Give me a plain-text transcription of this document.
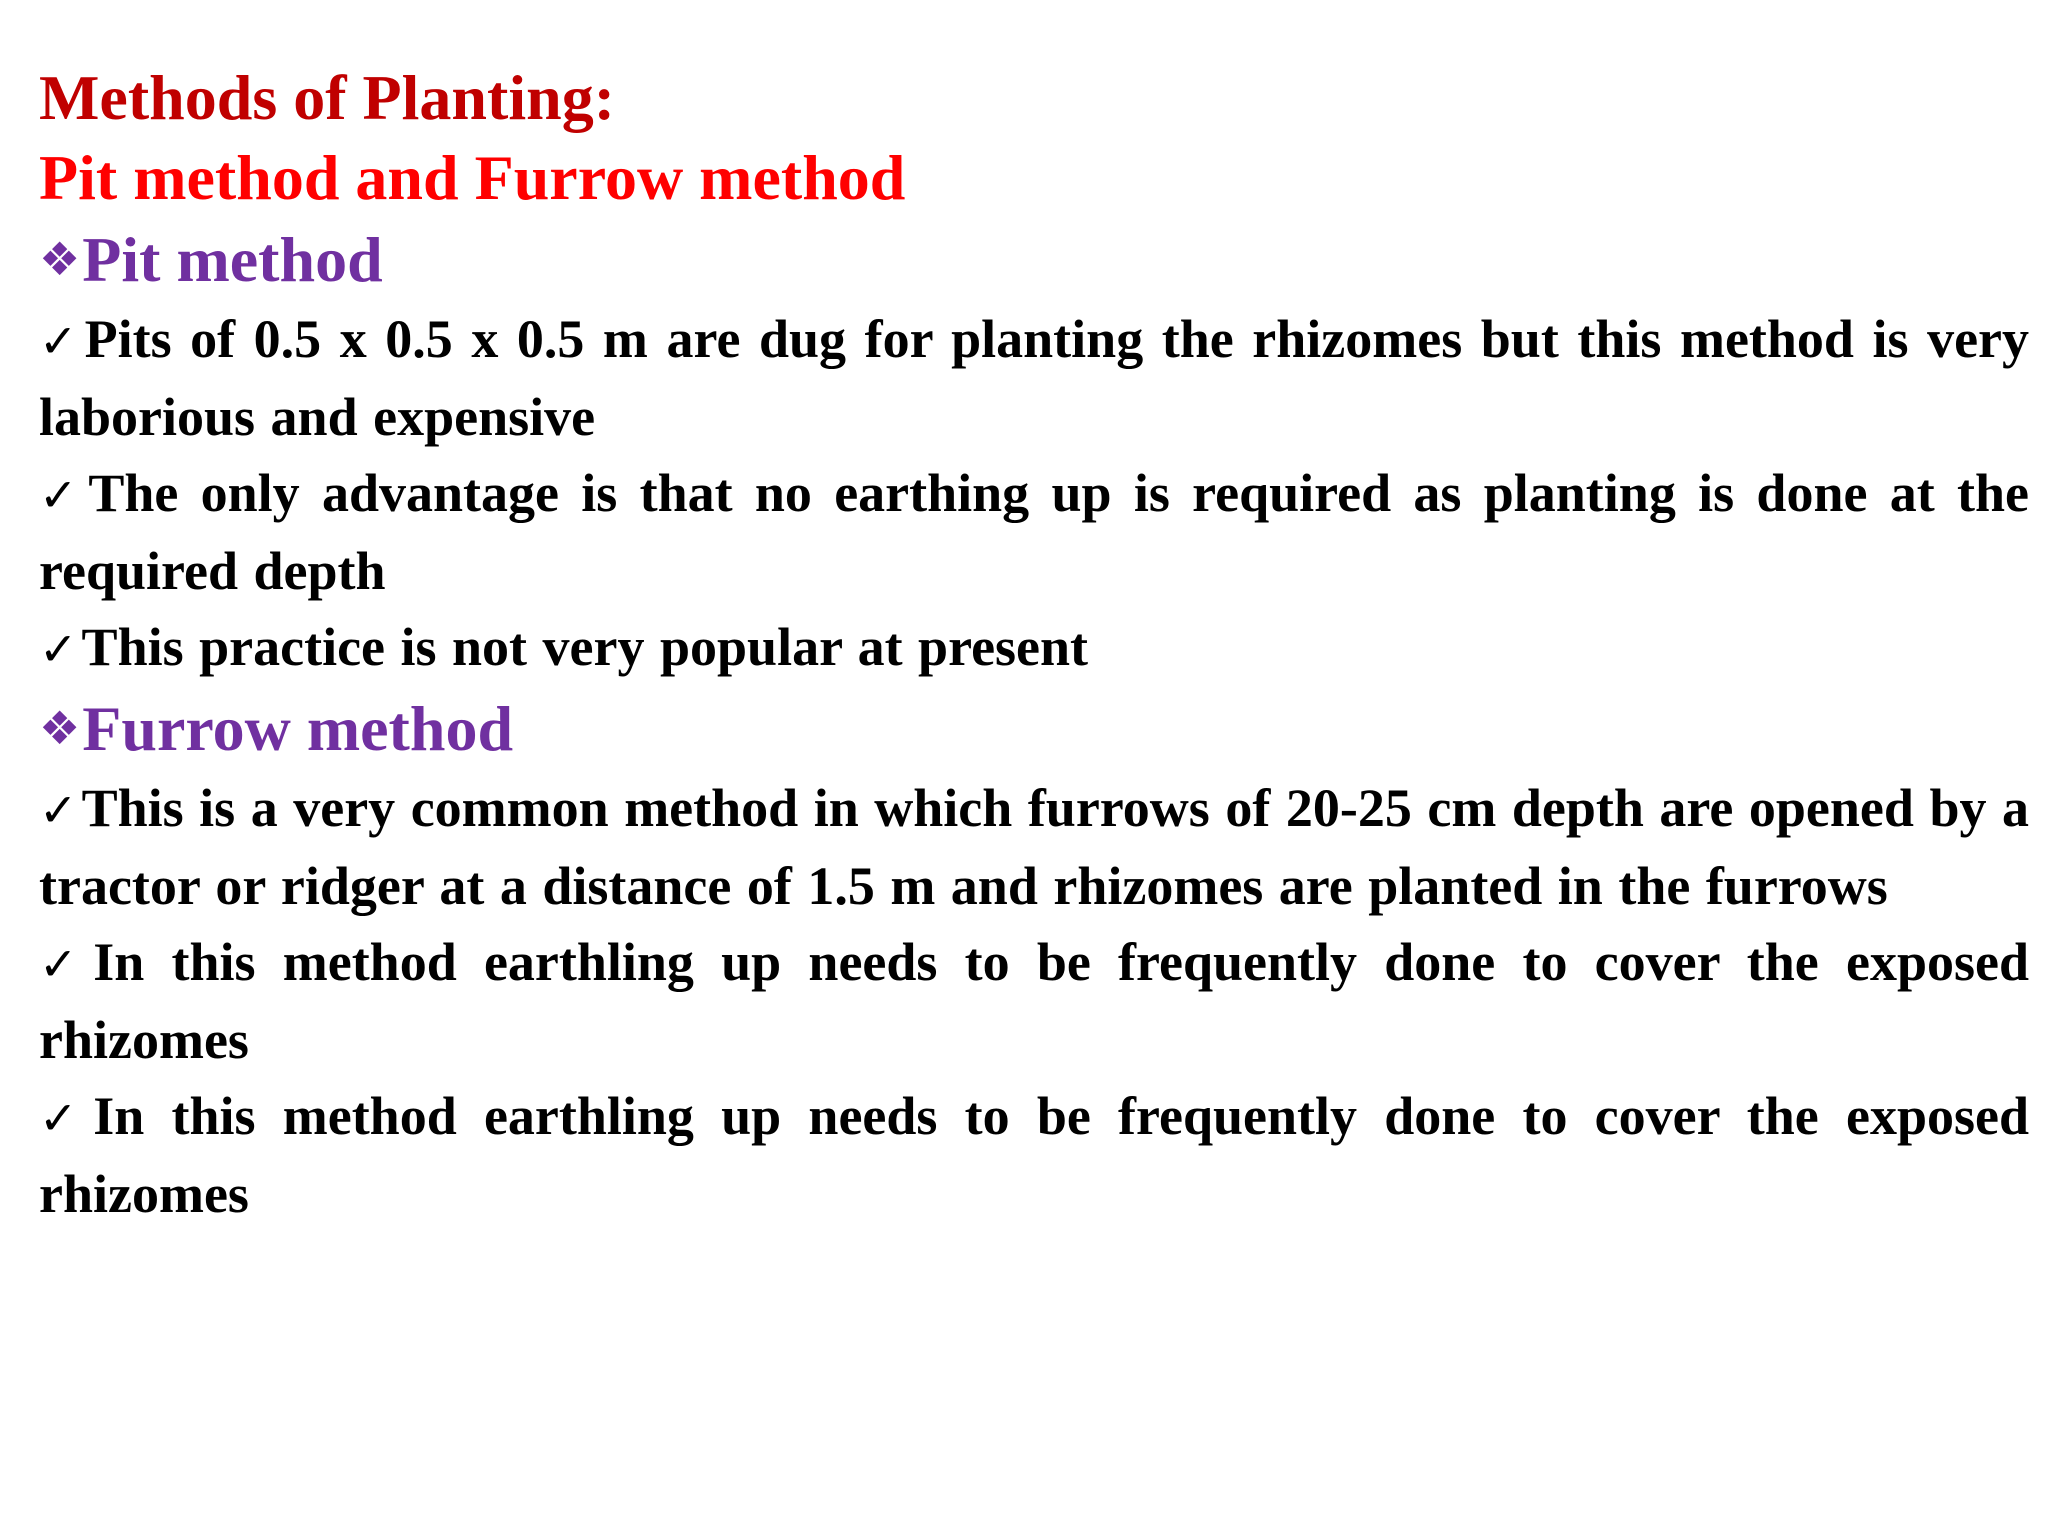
Methods of Planting:

Pit method and Furrow method

❖Pit method

✓Pits of 0.5 x 0.5 x 0.5 m are dug for planting the rhizomes but this method is very laborious and expensive
✓The only advantage is that no earthing up is required as planting is done at the required depth
✓This practice is not very popular at present

❖Furrow method

✓This is a very common method in which furrows of 20-25 cm depth are opened by a tractor or ridger at a distance of 1.5 m and rhizomes are planted in the furrows
✓In this method earthling up needs to be frequently done to cover the exposed rhizomes
✓In this method earthling up needs to be frequently done to cover the exposed rhizomes
